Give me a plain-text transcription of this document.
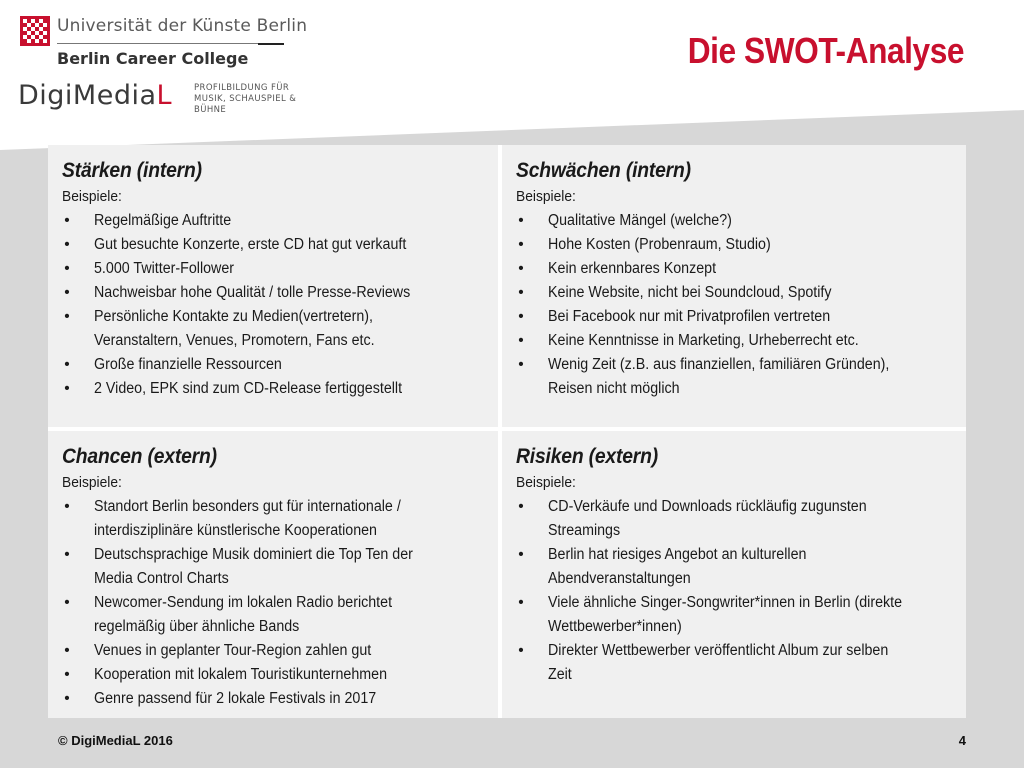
Universität der Künste Berlin
Berlin Career College
DigiMediaL	PROFILBILDUNG FÜR MUSIK, SCHAUSPIEL & BÜHNE
Die SWOT-Analyse
Stärken (intern)
Beispiele:
• Regelmäßige Auftritte
• Gut besuchte Konzerte, erste CD hat gut verkauft
• 5.000 Twitter-Follower
• Nachweisbar hohe Qualität / tolle Presse-Reviews
• Persönliche Kontakte zu Medien(vertretern),
Veranstaltern, Venues, Promotern, Fans etc.
• Große finanzielle Ressourcen
• 2 Video, EPK sind zum CD-Release fertiggestellt
Schwächen (intern)
Beispiele:
• Qualitative Mängel (welche?)
• Hohe Kosten (Probenraum, Studio)
• Kein erkennbares Konzept
• Keine Website, nicht bei Soundcloud, Spotify
• Bei Facebook nur mit Privatprofilen vertreten
• Keine Kenntnisse in Marketing, Urheberrecht etc.
• Wenig Zeit (z.B. aus finanziellen, familiären Gründen),
Reisen nicht möglich
Chancen (extern)
Beispiele:
• Standort Berlin besonders gut für internationale /
interdisziplinäre künstlerische Kooperationen
• Deutschsprachige Musik dominiert die Top Ten der
Media Control Charts
• Newcomer-Sendung im lokalen Radio berichtet
regelmäßig über ähnliche Bands
• Venues in geplanter Tour-Region zahlen gut
• Kooperation mit lokalem Touristikunternehmen
• Genre passend für 2 lokale Festivals in 2017
Risiken (extern)
Beispiele:
• CD-Verkäufe und Downloads rückläufig zugunsten
Streamings
• Berlin hat riesiges Angebot an kulturellen
Abendveranstaltungen
• Viele ähnliche Singer-Songwriter*innen in Berlin (direkte
Wettbewerber*innen)
• Direkter Wettbewerber veröffentlicht Album zur selben
Zeit
© DigiMediaL 2016	4
